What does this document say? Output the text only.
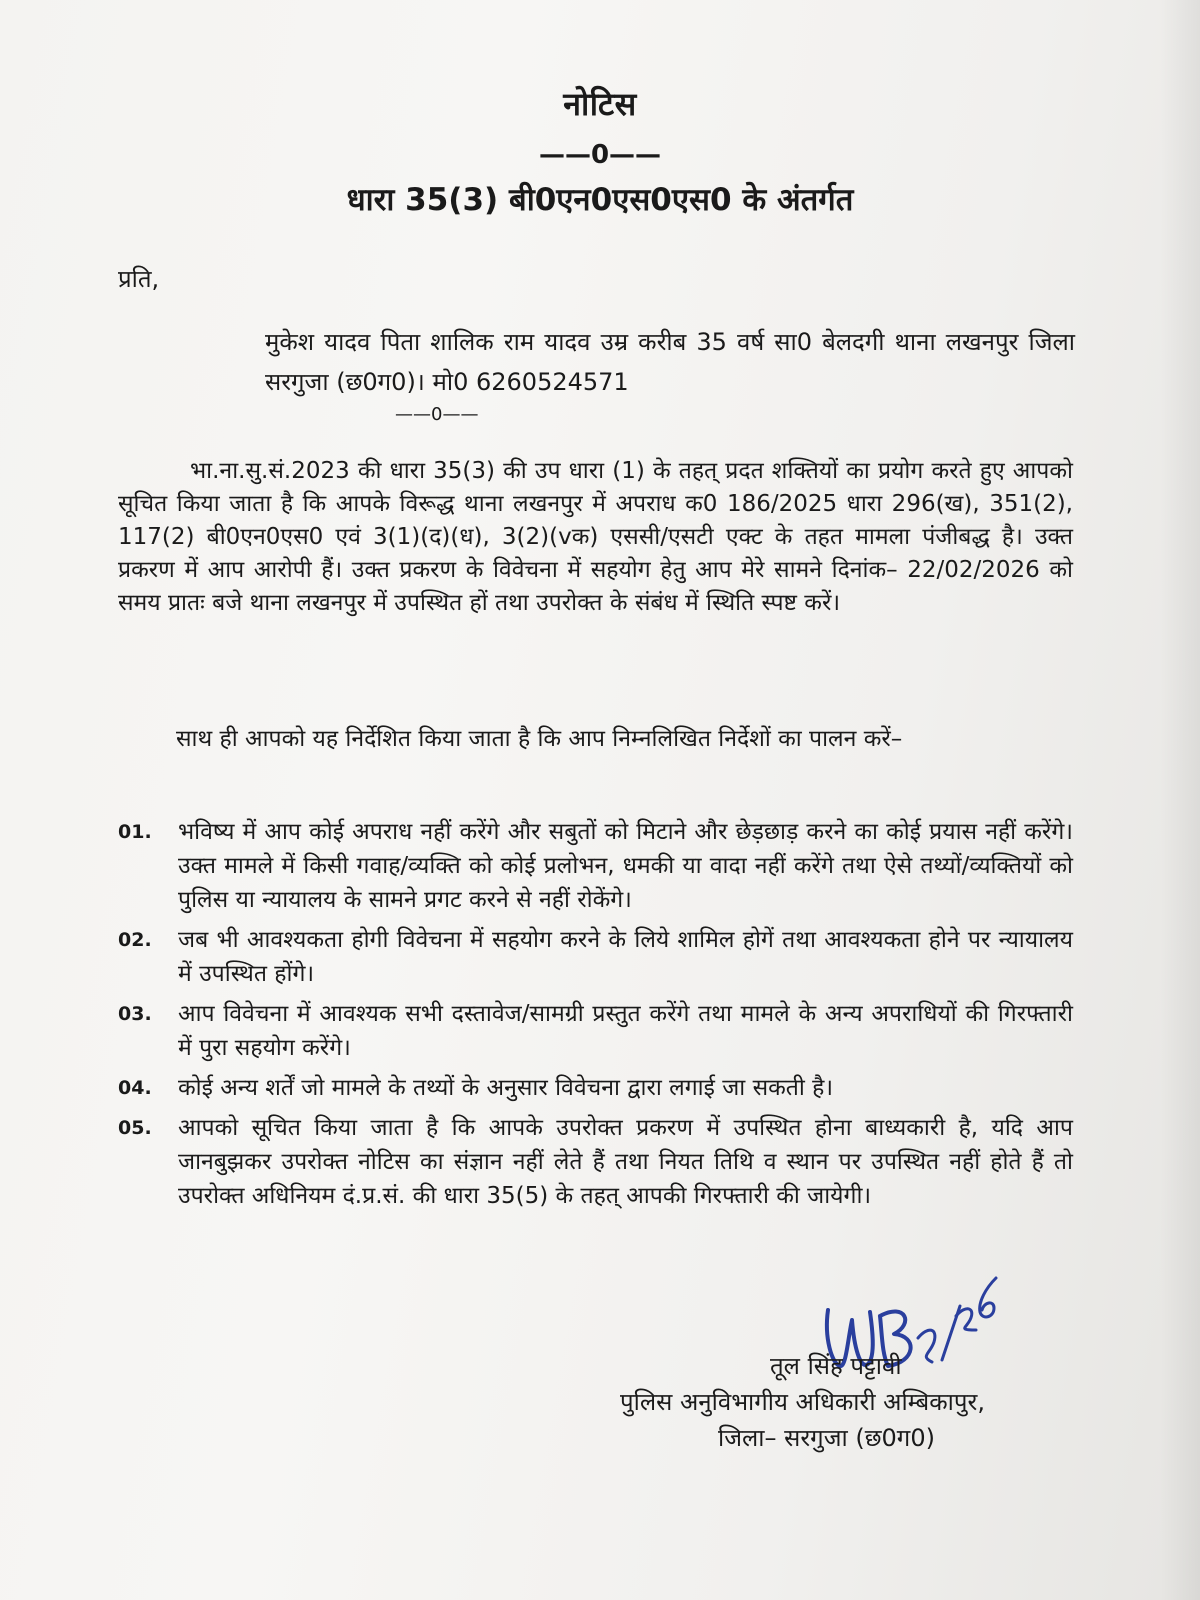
नोटिस
——0——
धारा 35(3) बी0एन0एस0एस0 के अंतर्गत
प्रति,
मुकेश यादव पिता शालिक राम यादव उम्र करीब 35 वर्ष सा0 बेलदगी थाना लखनपुर जिला सरगुजा (छ0ग0)। मो0 6260524571
——0——
भा.ना.सु.सं.2023 की धारा 35(3) की उप धारा (1) के तहत् प्रदत शक्तियों का प्रयोग करते हुए आपको सूचित किया जाता है कि आपके विरूद्ध थाना लखनपुर में अपराध क0 186/2025 धारा 296(ख), 351(2), 117(2) बी0एन0एस0 एवं 3(1)(द)(ध), 3(2)(vक) एससी/एसटी एक्ट के तहत मामला पंजीबद्ध है। उक्त प्रकरण में आप आरोपी हैं। उक्त प्रकरण के विवेचना में सहयोग हेतु आप मेरे सामने दिनांक– 22/02/2026 को समय प्रातः बजे थाना लखनपुर में उपस्थित हों तथा उपरोक्त के संबंध में स्थिति स्पष्ट करें।
साथ ही आपको यह निर्देशित किया जाता है कि आप निम्नलिखित निर्देशों का पालन करें–
01.	भविष्य में आप कोई अपराध नहीं करेंगे और सबुतों को मिटाने और छेड़छाड़ करने का कोई प्रयास नहीं करेंगे। उक्त मामले में किसी गवाह/व्यक्ति को कोई प्रलोभन, धमकी या वादा नहीं करेंगे तथा ऐसे तथ्यों/व्यक्तियों को पुलिस या न्यायालय के सामने प्रगट करने से नहीं रोकेंगे।
02.	जब भी आवश्यकता होगी विवेचना में सहयोग करने के लिये शामिल होगें तथा आवश्यकता होने पर न्यायालय में उपस्थित होंगे।
03.	आप विवेचना में आवश्यक सभी दस्तावेज/सामग्री प्रस्तुत करेंगे तथा मामले के अन्य अपराधियों की गिरफ्तारी में पुरा सहयोग करेंगे।
04.	कोई अन्य शर्तें जो मामले के तथ्यों के अनुसार विवेचना द्वारा लगाई जा सकती है।
05.	आपको सूचित किया जाता है कि आपके उपरोक्त प्रकरण में उपस्थित होना बाध्यकारी है, यदि आप जानबुझकर उपरोक्त नोटिस का संज्ञान नहीं लेते हैं तथा नियत तिथि व स्थान पर उपस्थित नहीं होते हैं तो उपरोक्त अधिनियम दं.प्र.सं. की धारा 35(5) के तहत् आपकी गिरफ्तारी की जायेगी।
तूल सिंह पट्टावी
पुलिस अनुविभागीय अधिकारी अम्बिकापुर,
जिला– सरगुजा (छ0ग0)
